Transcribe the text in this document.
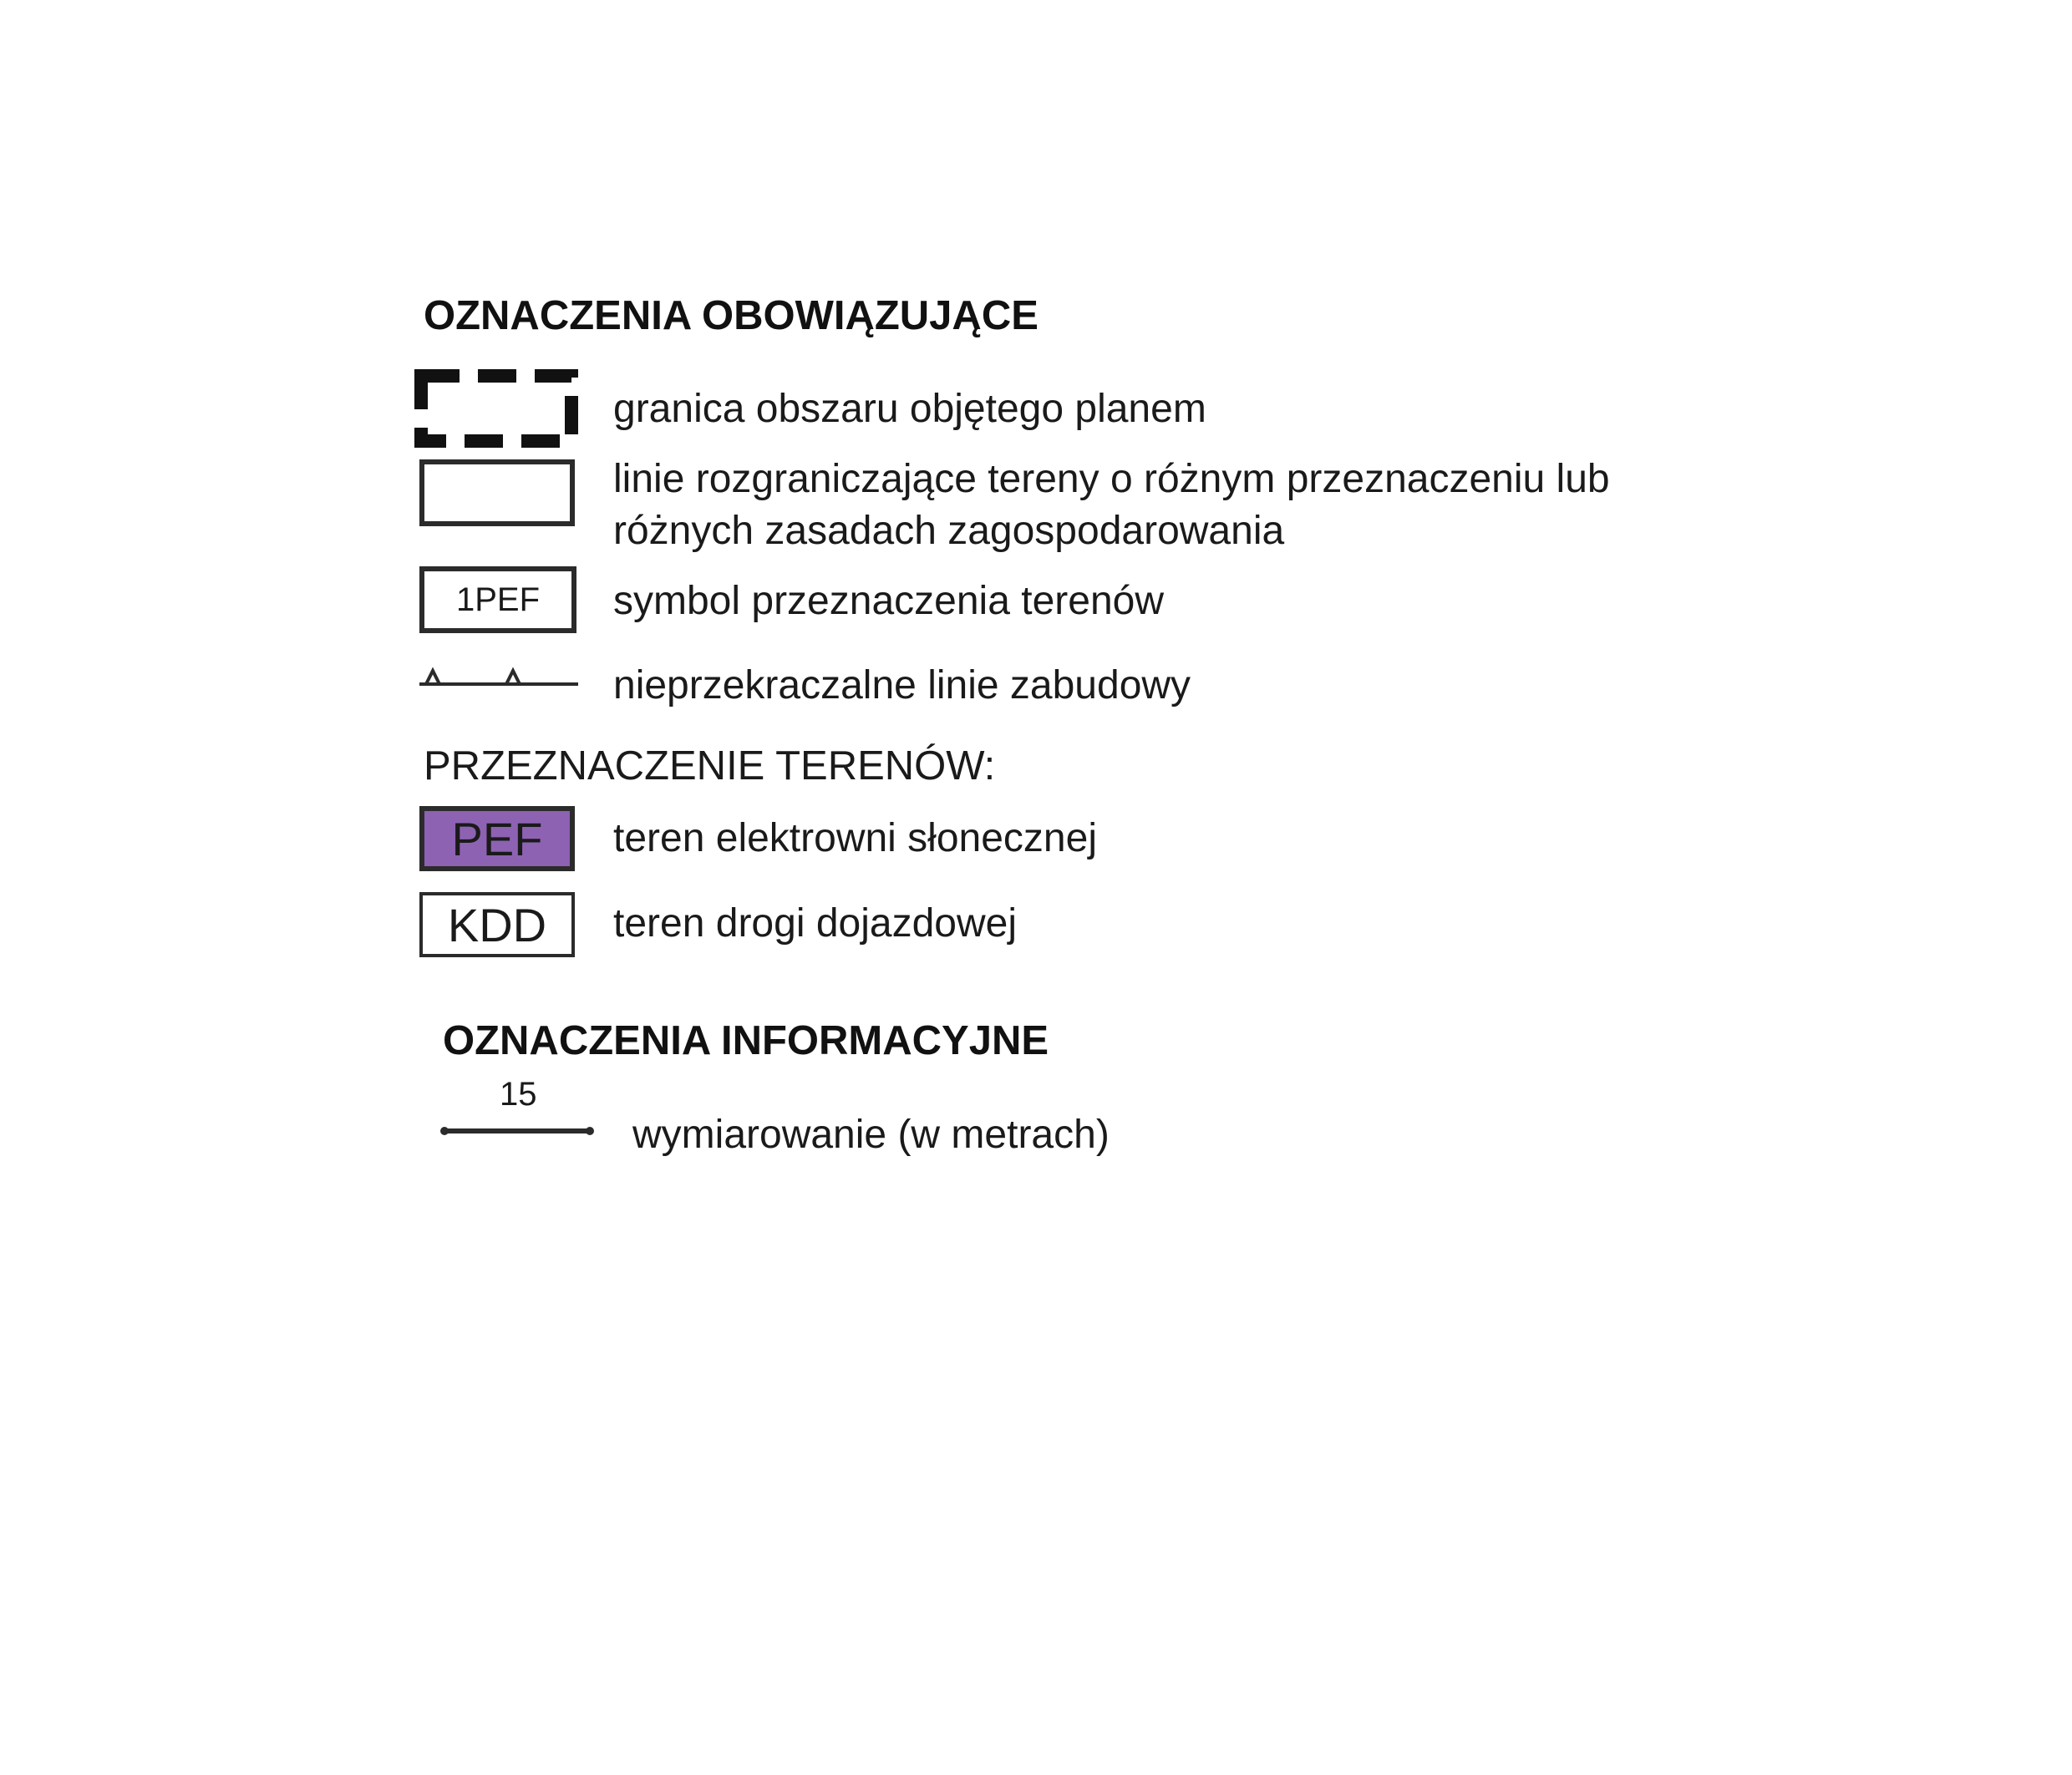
OZNACZENIA OBOWIĄZUJĄCE
granica obszaru objętego planem
linie rozgraniczające tereny o różnym przeznaczeniu lub
różnych zasadach zagospodarowania
1PEF	symbol przeznaczenia terenów
nieprzekraczalne linie zabudowy
PRZEZNACZENIE TERENÓW:
PEF	teren elektrowni słonecznej
KDD	teren drogi dojazdowej
OZNACZENIA INFORMACYJNE
15
wymiarowanie (w metrach)
